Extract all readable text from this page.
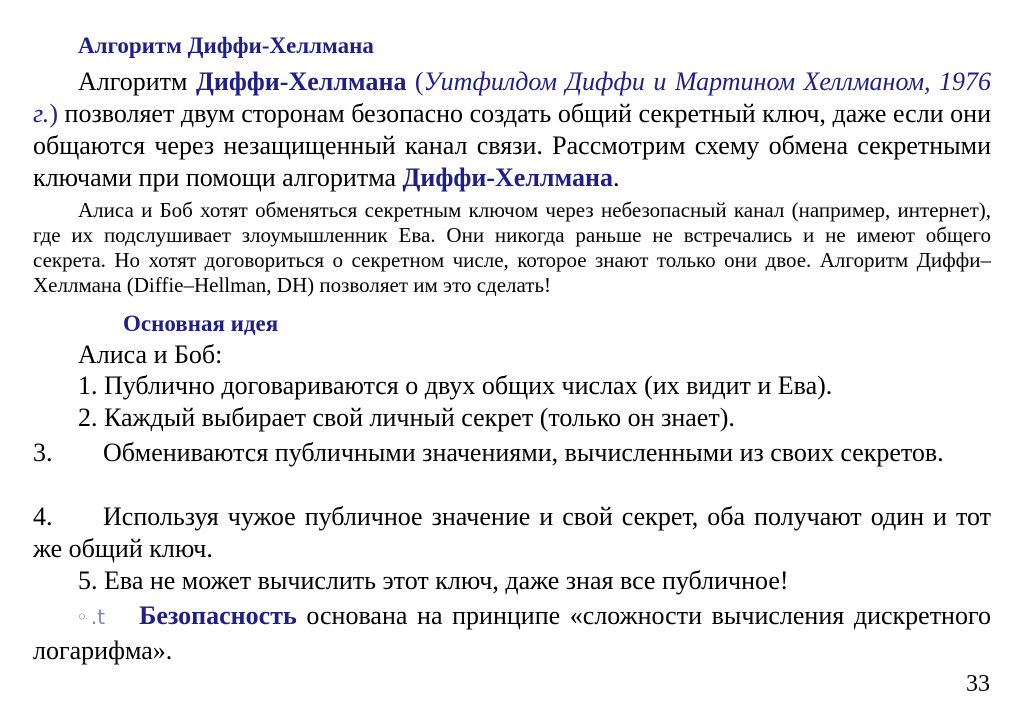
Алгоритм Диффи-Хеллмана

Алгоритм Диффи-Хеллмана (Уитфилдом Диффи и Мартином Хеллманом, 1976 г.) позволяет двум сторонам безопасно создать общий секретный ключ, даже если они общаются через незащищенный канал связи. Рассмотрим схему обмена секретными ключами при помощи алгоритма Диффи-Хеллмана.

Алиса и Боб хотят обменяться секретным ключом через небезопасный канал (например, интернет), где их подслушивает злоумышленник Ева. Они никогда раньше не встречались и не имеют общего секрета. Но хотят договориться о секретном числе, которое знают только они двое. Алгоритм Диффи–Хеллмана (Diffie–Hellman, DH) позволяет им это сделать!

Основная идея

Алиса и Боб:

1. Публично договариваются о двух общих числах (их видит и Ева).

2. Каждый выбирает свой личный секрет (только он знает).

3. Обмениваются публичными значениями, вычисленными из своих секретов.

4. Используя чужое публичное значение и свой секрет, оба получают один и тот же общий ключ.

5. Ева не может вычислить этот ключ, даже зная все публичное!

◦.t Безопасность основана на принципе «сложности вычисления дискретного логарифма».

33
